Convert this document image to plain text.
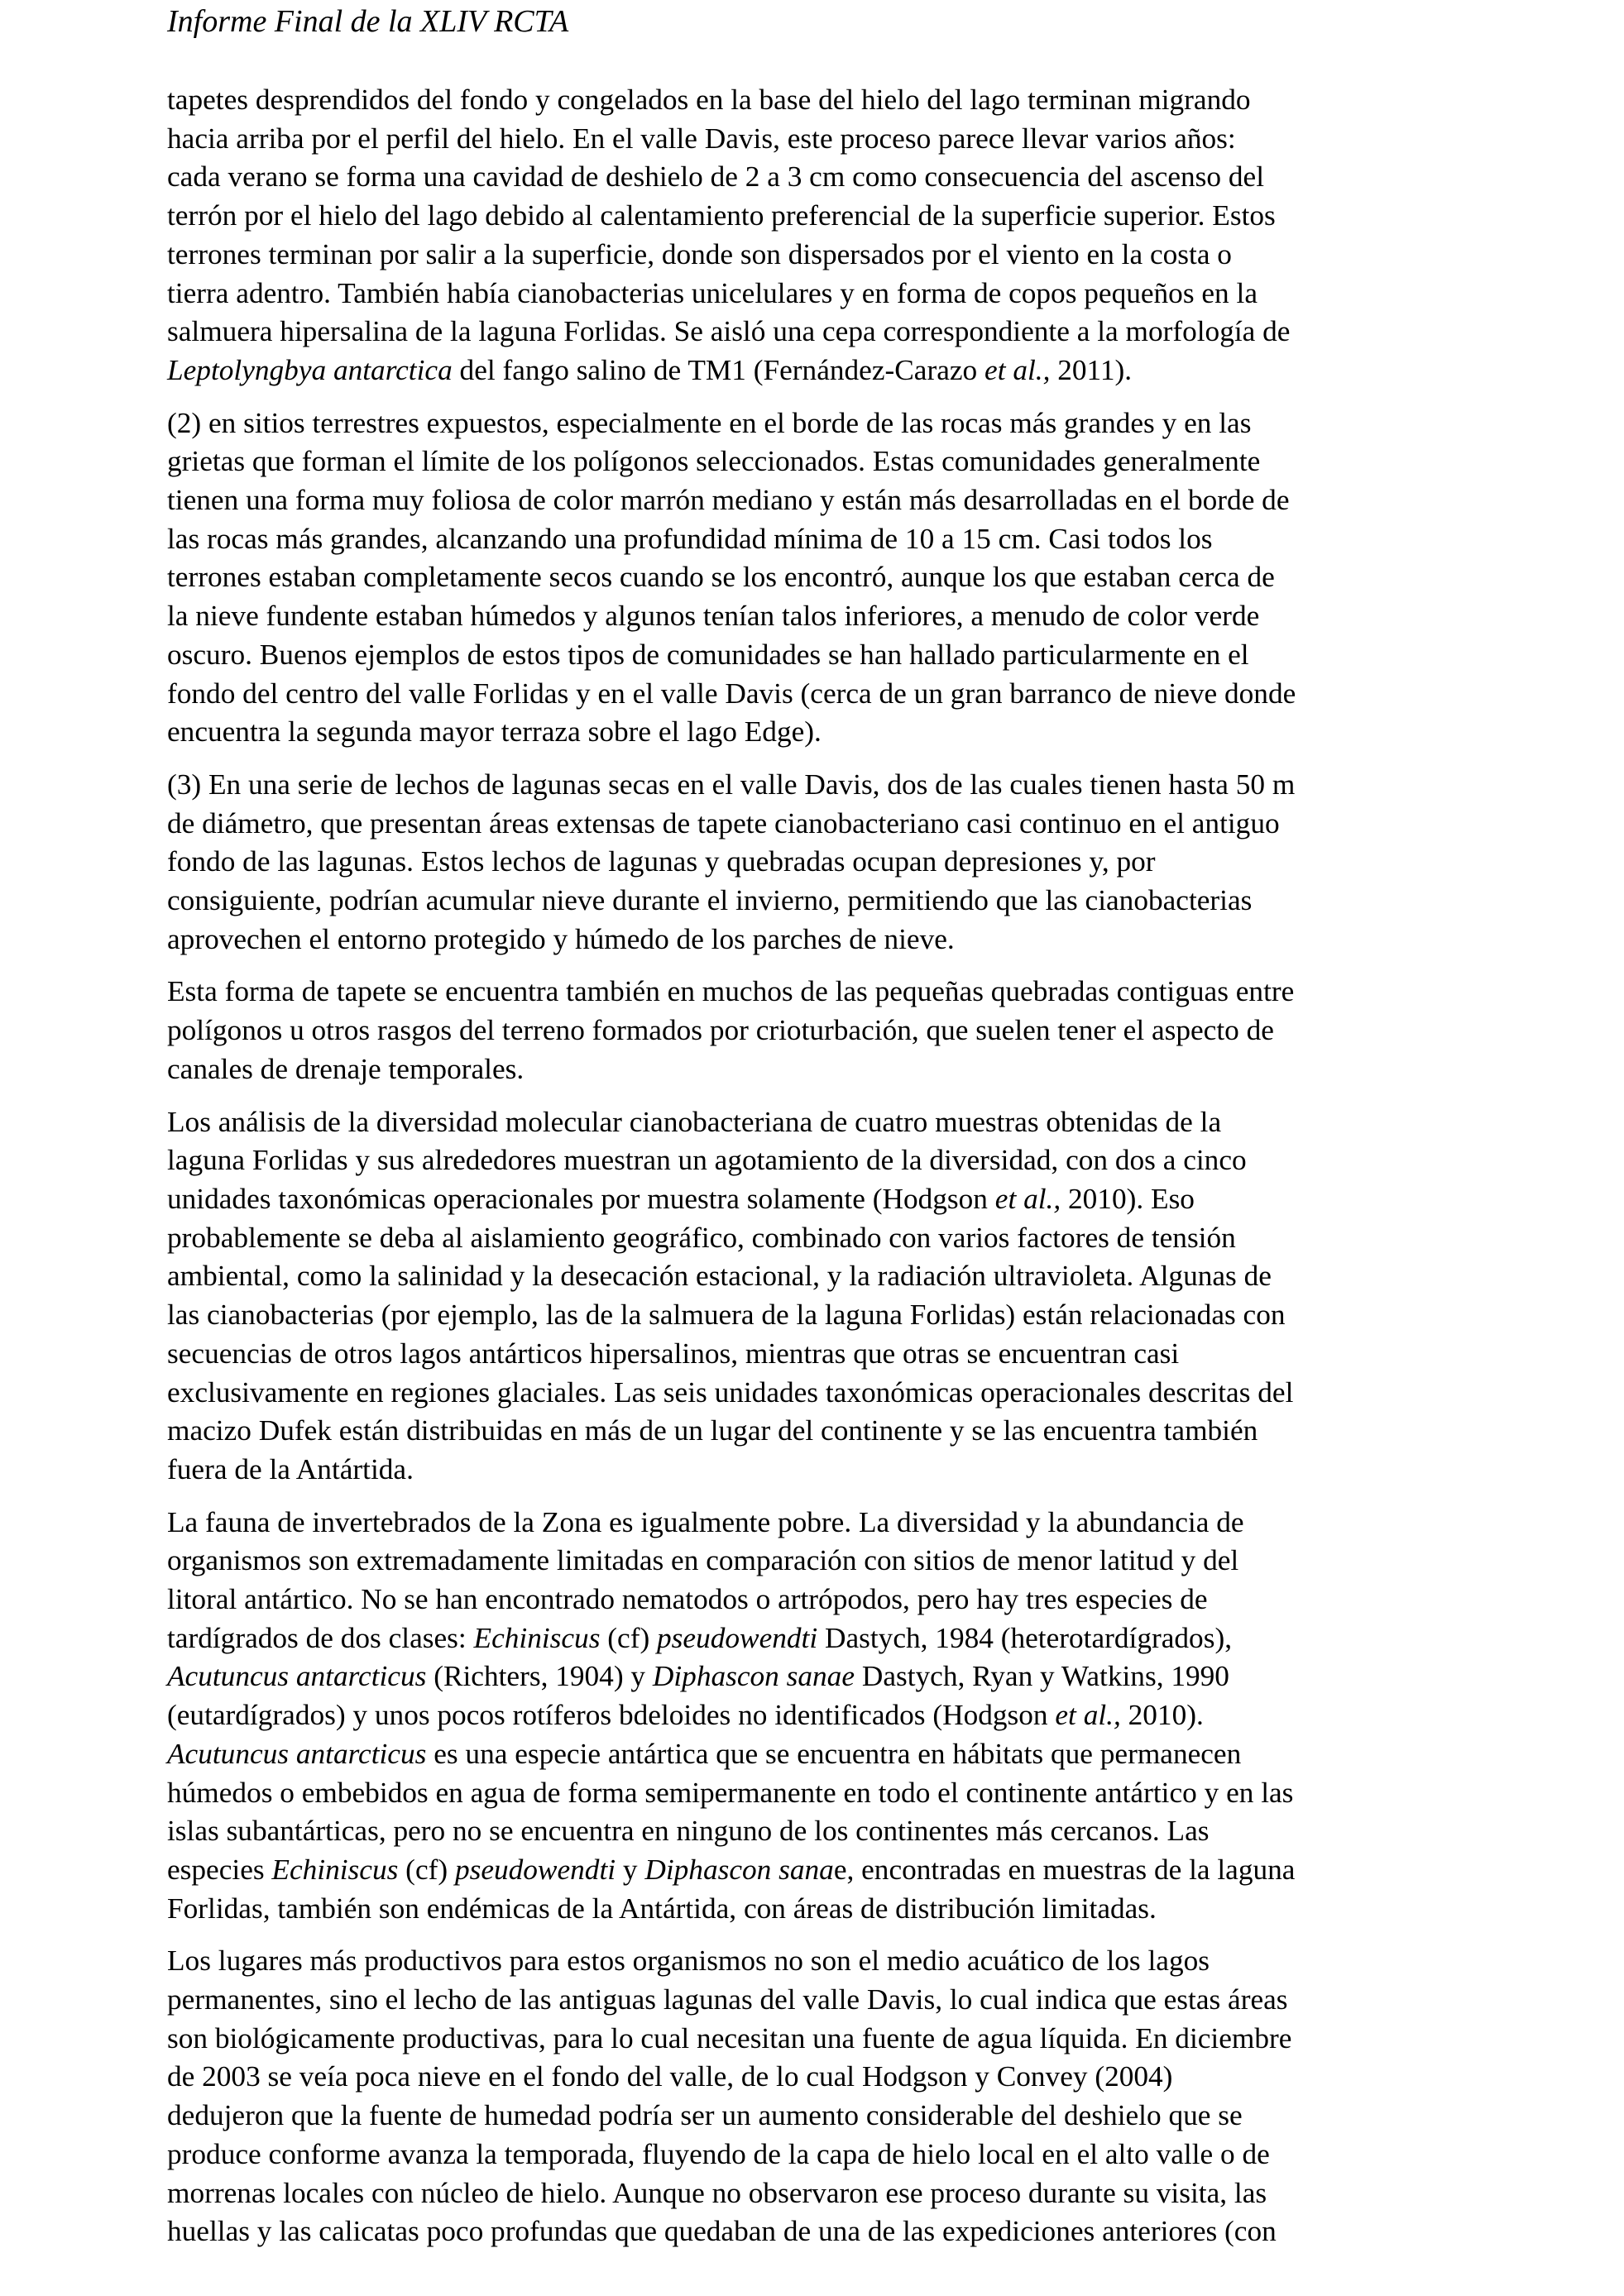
Informe Final de la XLIV RCTA
tapetes desprendidos del fondo y congelados en la base del hielo del lago terminan migrando
hacia arriba por el perfil del hielo. En el valle Davis, este proceso parece llevar varios años:
cada verano se forma una cavidad de deshielo de 2 a 3 cm como consecuencia del ascenso del
terrón por el hielo del lago debido al calentamiento preferencial de la superficie superior. Estos
terrones terminan por salir a la superficie, donde son dispersados por el viento en la costa o
tierra adentro. También había cianobacterias unicelulares y en forma de copos pequeños en la
salmuera hipersalina de la laguna Forlidas. Se aisló una cepa correspondiente a la morfología de
Leptolyngbya antarctica del fango salino de TM1 (Fernández-Carazo et al., 2011).
(2) en sitios terrestres expuestos, especialmente en el borde de las rocas más grandes y en las
grietas que forman el límite de los polígonos seleccionados. Estas comunidades generalmente
tienen una forma muy foliosa de color marrón mediano y están más desarrolladas en el borde de
las rocas más grandes, alcanzando una profundidad mínima de 10 a 15 cm. Casi todos los
terrones estaban completamente secos cuando se los encontró, aunque los que estaban cerca de
la nieve fundente estaban húmedos y algunos tenían talos inferiores, a menudo de color verde
oscuro. Buenos ejemplos de estos tipos de comunidades se han hallado particularmente en el
fondo del centro del valle Forlidas y en el valle Davis (cerca de un gran barranco de nieve donde
encuentra la segunda mayor terraza sobre el lago Edge).
(3) En una serie de lechos de lagunas secas en el valle Davis, dos de las cuales tienen hasta 50 m
de diámetro, que presentan áreas extensas de tapete cianobacteriano casi continuo en el antiguo
fondo de las lagunas. Estos lechos de lagunas y quebradas ocupan depresiones y, por
consiguiente, podrían acumular nieve durante el invierno, permitiendo que las cianobacterias
aprovechen el entorno protegido y húmedo de los parches de nieve.
Esta forma de tapete se encuentra también en muchos de las pequeñas quebradas contiguas entre
polígonos u otros rasgos del terreno formados por crioturbación, que suelen tener el aspecto de
canales de drenaje temporales.
Los análisis de la diversidad molecular cianobacteriana de cuatro muestras obtenidas de la
laguna Forlidas y sus alrededores muestran un agotamiento de la diversidad, con dos a cinco
unidades taxonómicas operacionales por muestra solamente (Hodgson et al., 2010). Eso
probablemente se deba al aislamiento geográfico, combinado con varios factores de tensión
ambiental, como la salinidad y la desecación estacional, y la radiación ultravioleta. Algunas de
las cianobacterias (por ejemplo, las de la salmuera de la laguna Forlidas) están relacionadas con
secuencias de otros lagos antárticos hipersalinos, mientras que otras se encuentran casi
exclusivamente en regiones glaciales. Las seis unidades taxonómicas operacionales descritas del
macizo Dufek están distribuidas en más de un lugar del continente y se las encuentra también
fuera de la Antártida.
La fauna de invertebrados de la Zona es igualmente pobre. La diversidad y la abundancia de
organismos son extremadamente limitadas en comparación con sitios de menor latitud y del
litoral antártico. No se han encontrado nematodos o artrópodos, pero hay tres especies de
tardígrados de dos clases: Echiniscus (cf) pseudowendti Dastych, 1984 (heterotardígrados),
Acutuncus antarcticus (Richters, 1904) y Diphascon sanae Dastych, Ryan y Watkins, 1990
(eutardígrados) y unos pocos rotíferos bdeloides no identificados (Hodgson et al., 2010).
Acutuncus antarcticus es una especie antártica que se encuentra en hábitats que permanecen
húmedos o embebidos en agua de forma semipermanente en todo el continente antártico y en las
islas subantárticas, pero no se encuentra en ninguno de los continentes más cercanos. Las
especies Echiniscus (cf) pseudowendti y Diphascon sanae, encontradas en muestras de la laguna
Forlidas, también son endémicas de la Antártida, con áreas de distribución limitadas.
Los lugares más productivos para estos organismos no son el medio acuático de los lagos
permanentes, sino el lecho de las antiguas lagunas del valle Davis, lo cual indica que estas áreas
son biológicamente productivas, para lo cual necesitan una fuente de agua líquida. En diciembre
de 2003 se veía poca nieve en el fondo del valle, de lo cual Hodgson y Convey (2004)
dedujeron que la fuente de humedad podría ser un aumento considerable del deshielo que se
produce conforme avanza la temporada, fluyendo de la capa de hielo local en el alto valle o de
morrenas locales con núcleo de hielo. Aunque no observaron ese proceso durante su visita, las
huellas y las calicatas poco profundas que quedaban de una de las expediciones anteriores (con
